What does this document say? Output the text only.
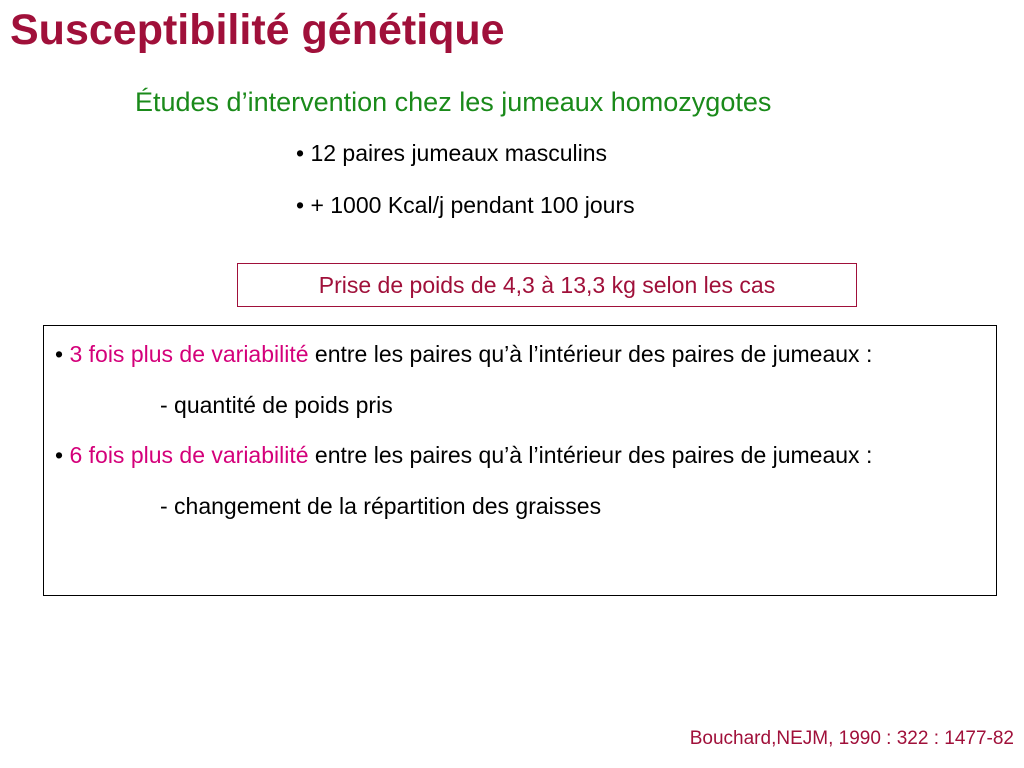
Susceptibilité génétique
Études d’intervention chez les jumeaux homozygotes
• 12 paires jumeaux masculins
• + 1000 Kcal/j pendant 100 jours
Prise de poids de 4,3 à 13,3 kg selon les cas

• 3 fois plus de variabilité entre les paires qu’à l’intérieur des paires de jumeaux :

- quantité de poids pris

• 6 fois plus de variabilité entre les paires qu’à l’intérieur des paires de jumeaux :

- changement de la répartition des graisses
Bouchard,NEJM, 1990 : 322 : 1477-82
